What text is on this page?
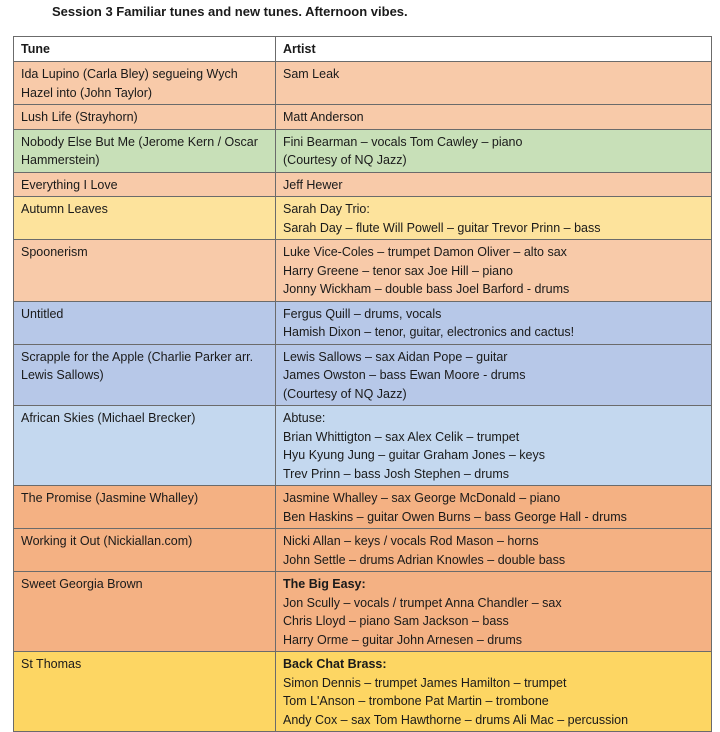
Session 3 Familiar tunes and new tunes. Afternoon vibes.
Tune	Artist

Ida Lupino (Carla Bley) segueing Wych Hazel into (John Taylor)	Sam Leak

Lush Life (Strayhorn)	Matt Anderson

Nobody Else But Me (Jerome Kern / Oscar Hammerstein)	Fini Bearman – vocals Tom Cawley – piano
(Courtesy of NQ Jazz)

Everything I Love	Jeff Hewer

Autumn Leaves	Sarah Day Trio:
Sarah Day – flute Will Powell – guitar Trevor Prinn – bass

Spoonerism	Luke Vice-Coles – trumpet Damon Oliver – alto sax
Harry Greene – tenor sax Joe Hill – piano
Jonny Wickham – double bass Joel Barford - drums

Untitled	Fergus Quill – drums, vocals
Hamish Dixon – tenor, guitar, electronics and cactus!

Scrapple for the Apple (Charlie Parker arr. Lewis Sallows)	Lewis Sallows – sax Aidan Pope – guitar
James Owston – bass Ewan Moore - drums
(Courtesy of NQ Jazz)

African Skies (Michael Brecker)	Abtuse:
Brian Whittigton – sax Alex Celik – trumpet
Hyu Kyung Jung – guitar Graham Jones – keys
Trev Prinn – bass Josh Stephen – drums

The Promise (Jasmine Whalley)	Jasmine Whalley – sax George McDonald – piano
Ben Haskins – guitar Owen Burns – bass George Hall - drums

Working it Out (Nickiallan.com)	Nicki Allan – keys / vocals Rod Mason – horns
John Settle – drums Adrian Knowles – double bass

Sweet Georgia Brown	The Big Easy:
Jon Scully – vocals / trumpet Anna Chandler – sax
Chris Lloyd – piano Sam Jackson – bass
Harry Orme – guitar John Arnesen – drums

St Thomas	Back Chat Brass:
Simon Dennis – trumpet James Hamilton – trumpet
Tom L'Anson – trombone Pat Martin – trombone
Andy Cox – sax Tom Hawthorne – drums Ali Mac – percussion
